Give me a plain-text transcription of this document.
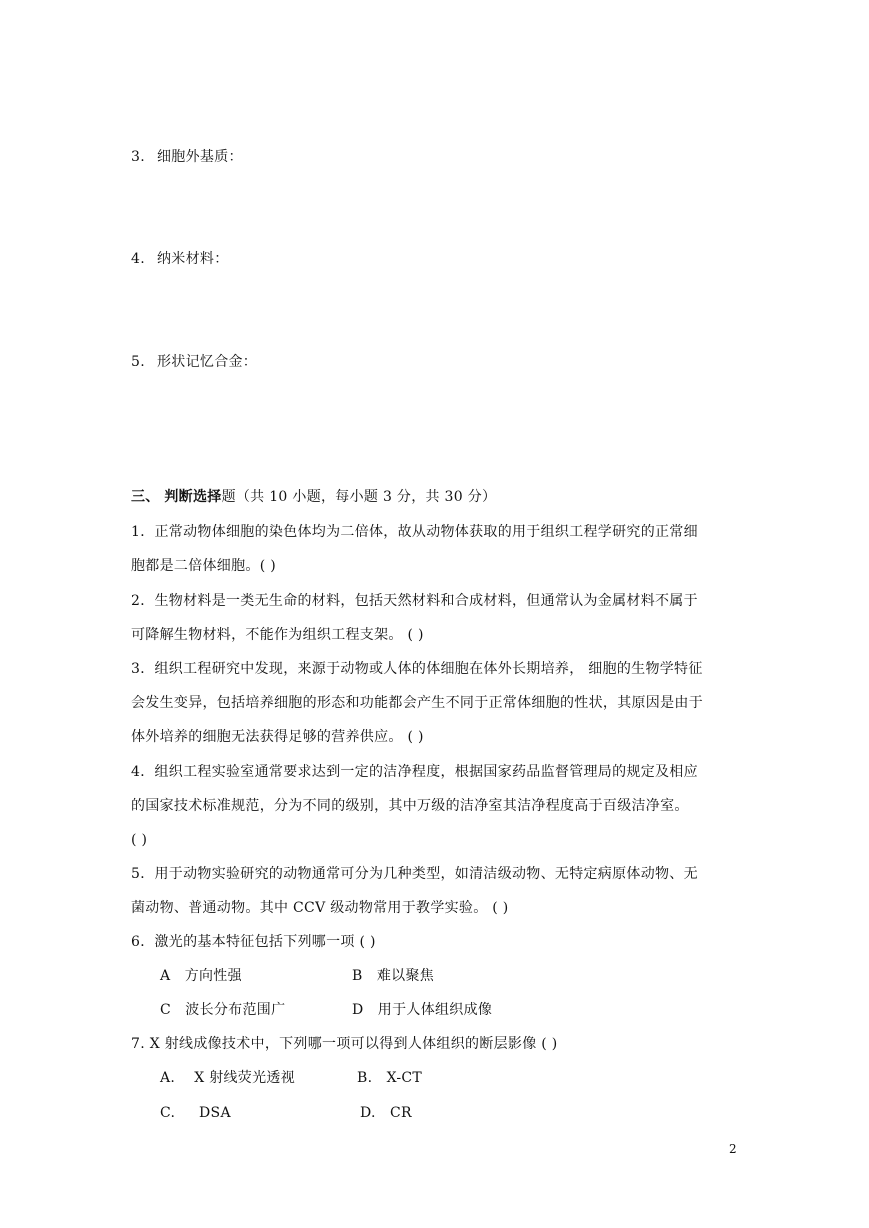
3. 细胞外基质：
4. 纳米材料：
5. 形状记忆合金：
三、 判断选择题（共 10 小题，每小题 3 分，共 30 分）
1．正常动物体细胞的染色体均为二倍体，故从动物体获取的用于组织工程学研究的正常细
胞都是二倍体细胞。( )
2．生物材料是一类无生命的材料，包括天然材料和合成材料，但通常认为金属材料不属于
可降解生物材料，不能作为组织工程支架。 ( )
3．组织工程研究中发现，来源于动物或人体的体细胞在体外长期培养， 细胞的生物学特征
会发生变异，包括培养细胞的形态和功能都会产生不同于正常体细胞的性状，其原因是由于
体外培养的细胞无法获得足够的营养供应。 ( )
4．组织工程实验室通常要求达到一定的洁净程度，根据国家药品监督管理局的规定及相应
的国家技术标准规范，分为不同的级别，其中万级的洁净室其洁净程度高于百级洁净室。
( )
5．用于动物实验研究的动物通常可分为几种类型，如清洁级动物、无特定病原体动物、无
菌动物、普通动物。其中 CCV 级动物常用于教学实验。 ( )
6．激光的基本特征包括下列哪一项 ( )
A 方向性强	B 难以聚焦
C 波长分布范围广	D 用于人体组织成像
7. X 射线成像技术中，下列哪一项可以得到人体组织的断层影像 ( )
A. X 射线荧光透视	B. X-CT
C. DSA	D. CR
2
